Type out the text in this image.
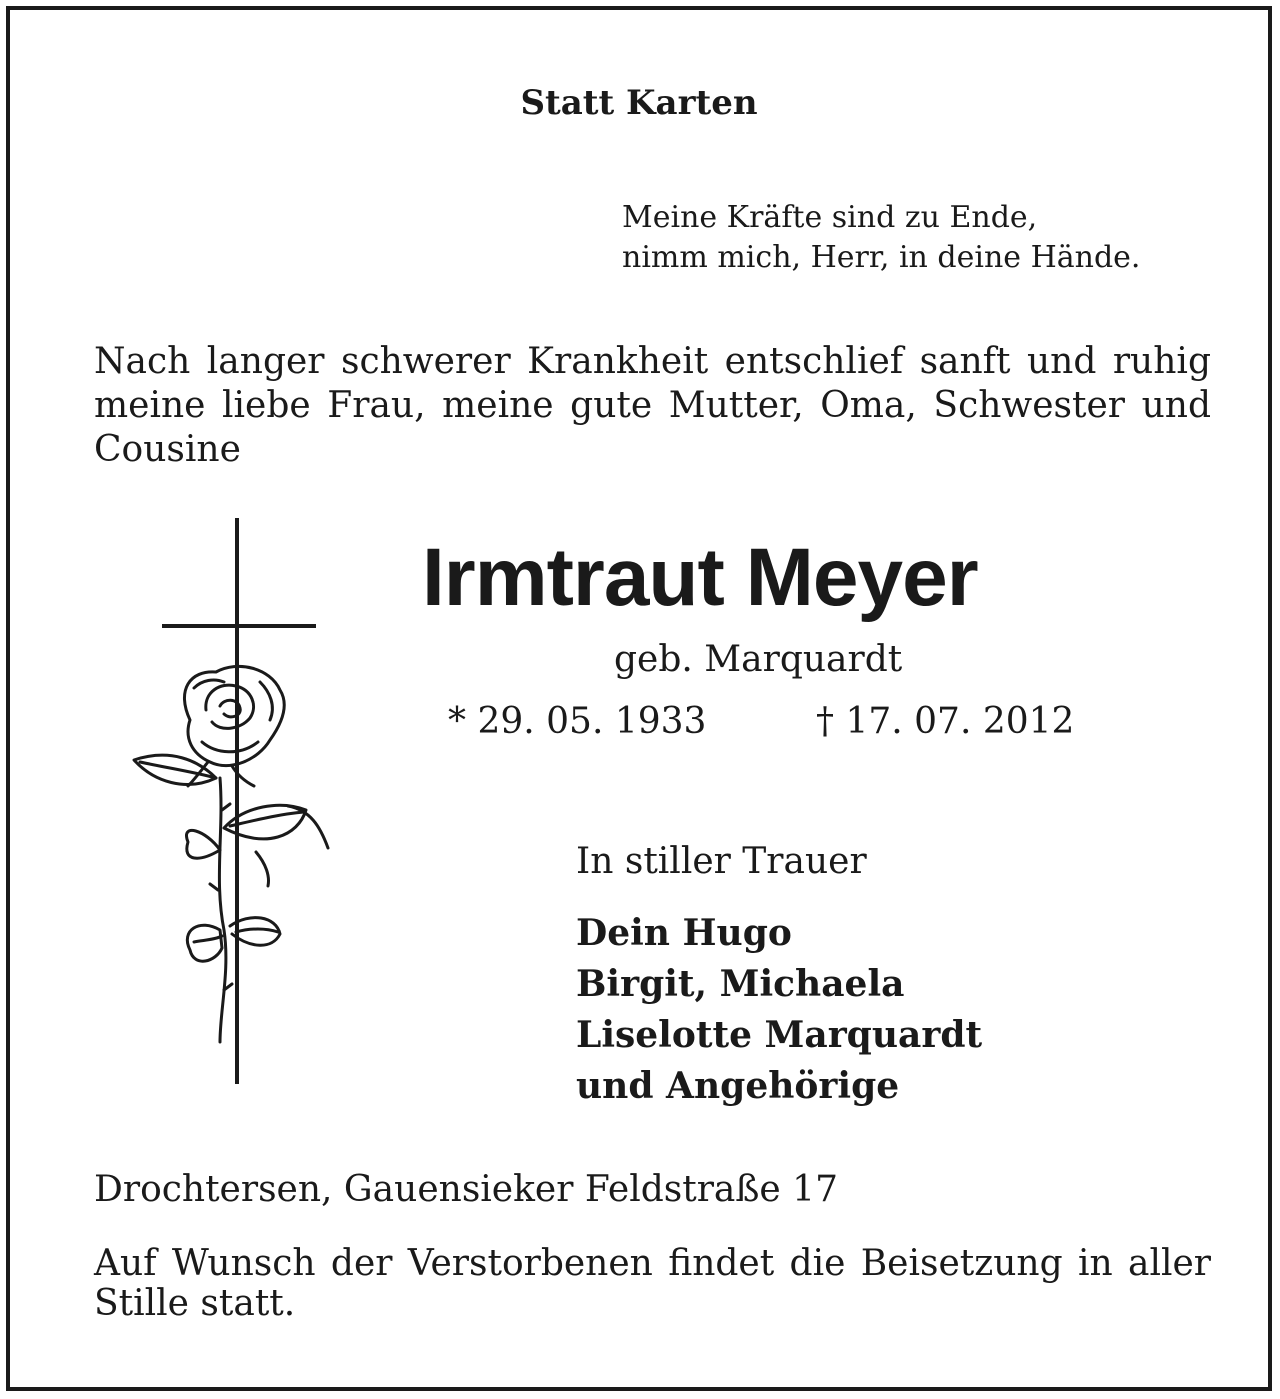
Statt Karten

Meine Kräfte sind zu Ende,
nimm mich, Herr, in deine Hände.

Nach langer schwerer Krankheit entschlief sanft und ruhig meine liebe Frau, meine gute Mutter, Oma, Schwester und Cousine

Irmtraut Meyer

geb. Marquardt

* 29. 05. 1933	† 17. 07. 2012

In stiller Trauer

Dein Hugo
Birgit, Michaela
Liselotte Marquardt
und Angehörige

Drochtersen, Gauensieker Feldstraße 17

Auf Wunsch der Verstorbenen findet die Beisetzung in aller Stille statt.
